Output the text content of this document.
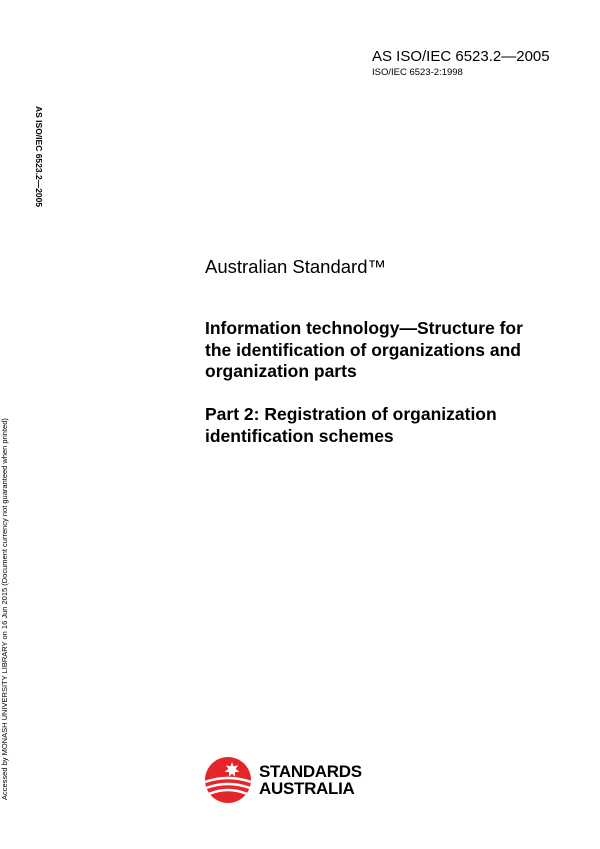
AS ISO/IEC 6523.2—2005
ISO/IEC 6523-2:1998
AS ISO/IEC 6523.2—2005
Accessed by MONASH UNIVERSITY LIBRARY on 16 Jun 2015 (Document currency not guaranteed when printed)
Australian Standard™
Information technology—Structure for
the identification of organizations and
organization parts
Part 2: Registration of organization
identification schemes
STANDARDS
AUSTRALIA
